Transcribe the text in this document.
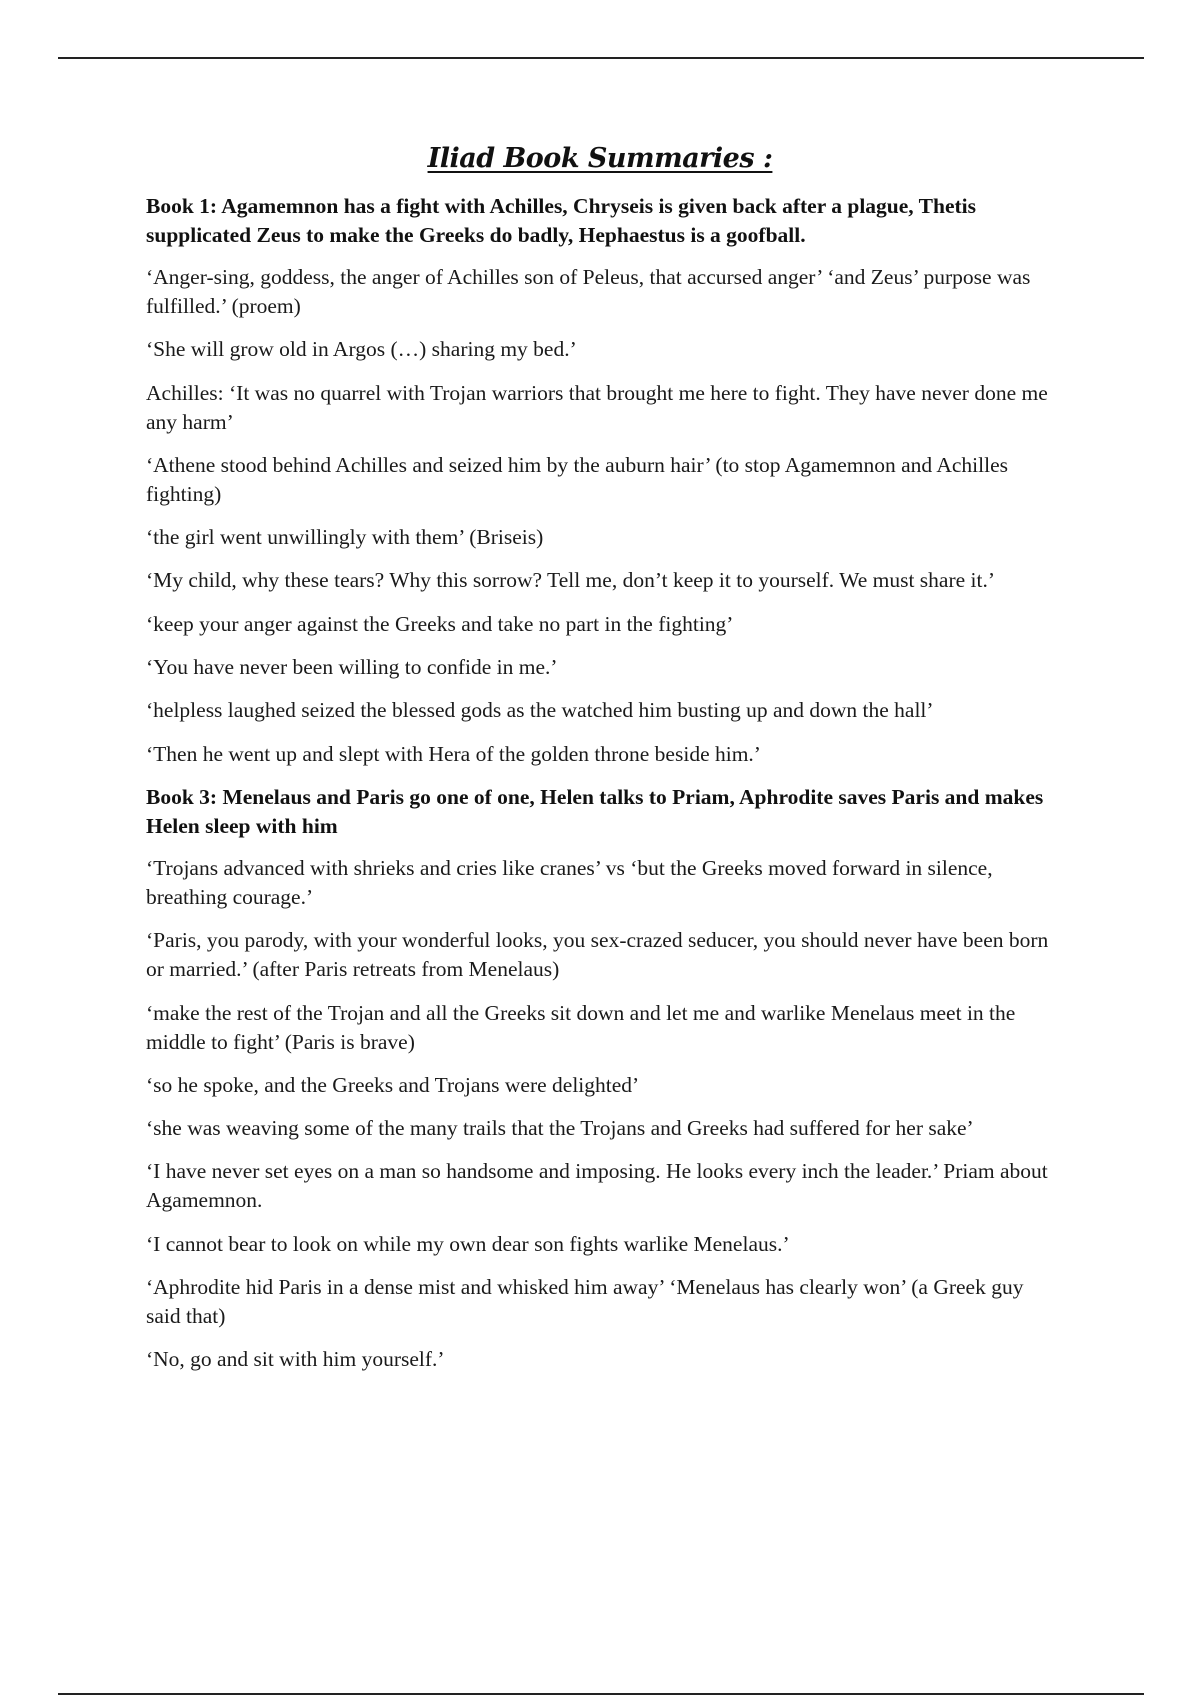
Iliad Book Summaries :

Book 1: Agamemnon has a fight with Achilles, Chryseis is given back after a plague, Thetis supplicated Zeus to make the Greeks do badly, Hephaestus is a goofball.

‘Anger-sing, goddess, the anger of Achilles son of Peleus, that accursed anger’ ‘and Zeus’ purpose was fulfilled.’ (proem)

‘She will grow old in Argos (…) sharing my bed.’

Achilles: ‘It was no quarrel with Trojan warriors that brought me here to fight. They have never done me any harm’

‘Athene stood behind Achilles and seized him by the auburn hair’ (to stop Agamemnon and Achilles fighting)

‘the girl went unwillingly with them’ (Briseis)

‘My child, why these tears? Why this sorrow? Tell me, don’t keep it to yourself. We must share it.’

‘keep your anger against the Greeks and take no part in the fighting’

‘You have never been willing to confide in me.’

‘helpless laughed seized the blessed gods as the watched him busting up and down the hall’

‘Then he went up and slept with Hera of the golden throne beside him.’

Book 3: Menelaus and Paris go one of one, Helen talks to Priam, Aphrodite saves Paris and makes Helen sleep with him

‘Trojans advanced with shrieks and cries like cranes’ vs ‘but the Greeks moved forward in silence, breathing courage.’

‘Paris, you parody, with your wonderful looks, you sex-crazed seducer, you should never have been born or married.’ (after Paris retreats from Menelaus)

‘make the rest of the Trojan and all the Greeks sit down and let me and warlike Menelaus meet in the middle to fight’ (Paris is brave)

‘so he spoke, and the Greeks and Trojans were delighted’

‘she was weaving some of the many trails that the Trojans and Greeks had suffered for her sake’

‘I have never set eyes on a man so handsome and imposing. He looks every inch the leader.’ Priam about Agamemnon.

‘I cannot bear to look on while my own dear son fights warlike Menelaus.’

‘Aphrodite hid Paris in a dense mist and whisked him away’ ‘Menelaus has clearly won’ (a Greek guy said that)

‘No, go and sit with him yourself.’
